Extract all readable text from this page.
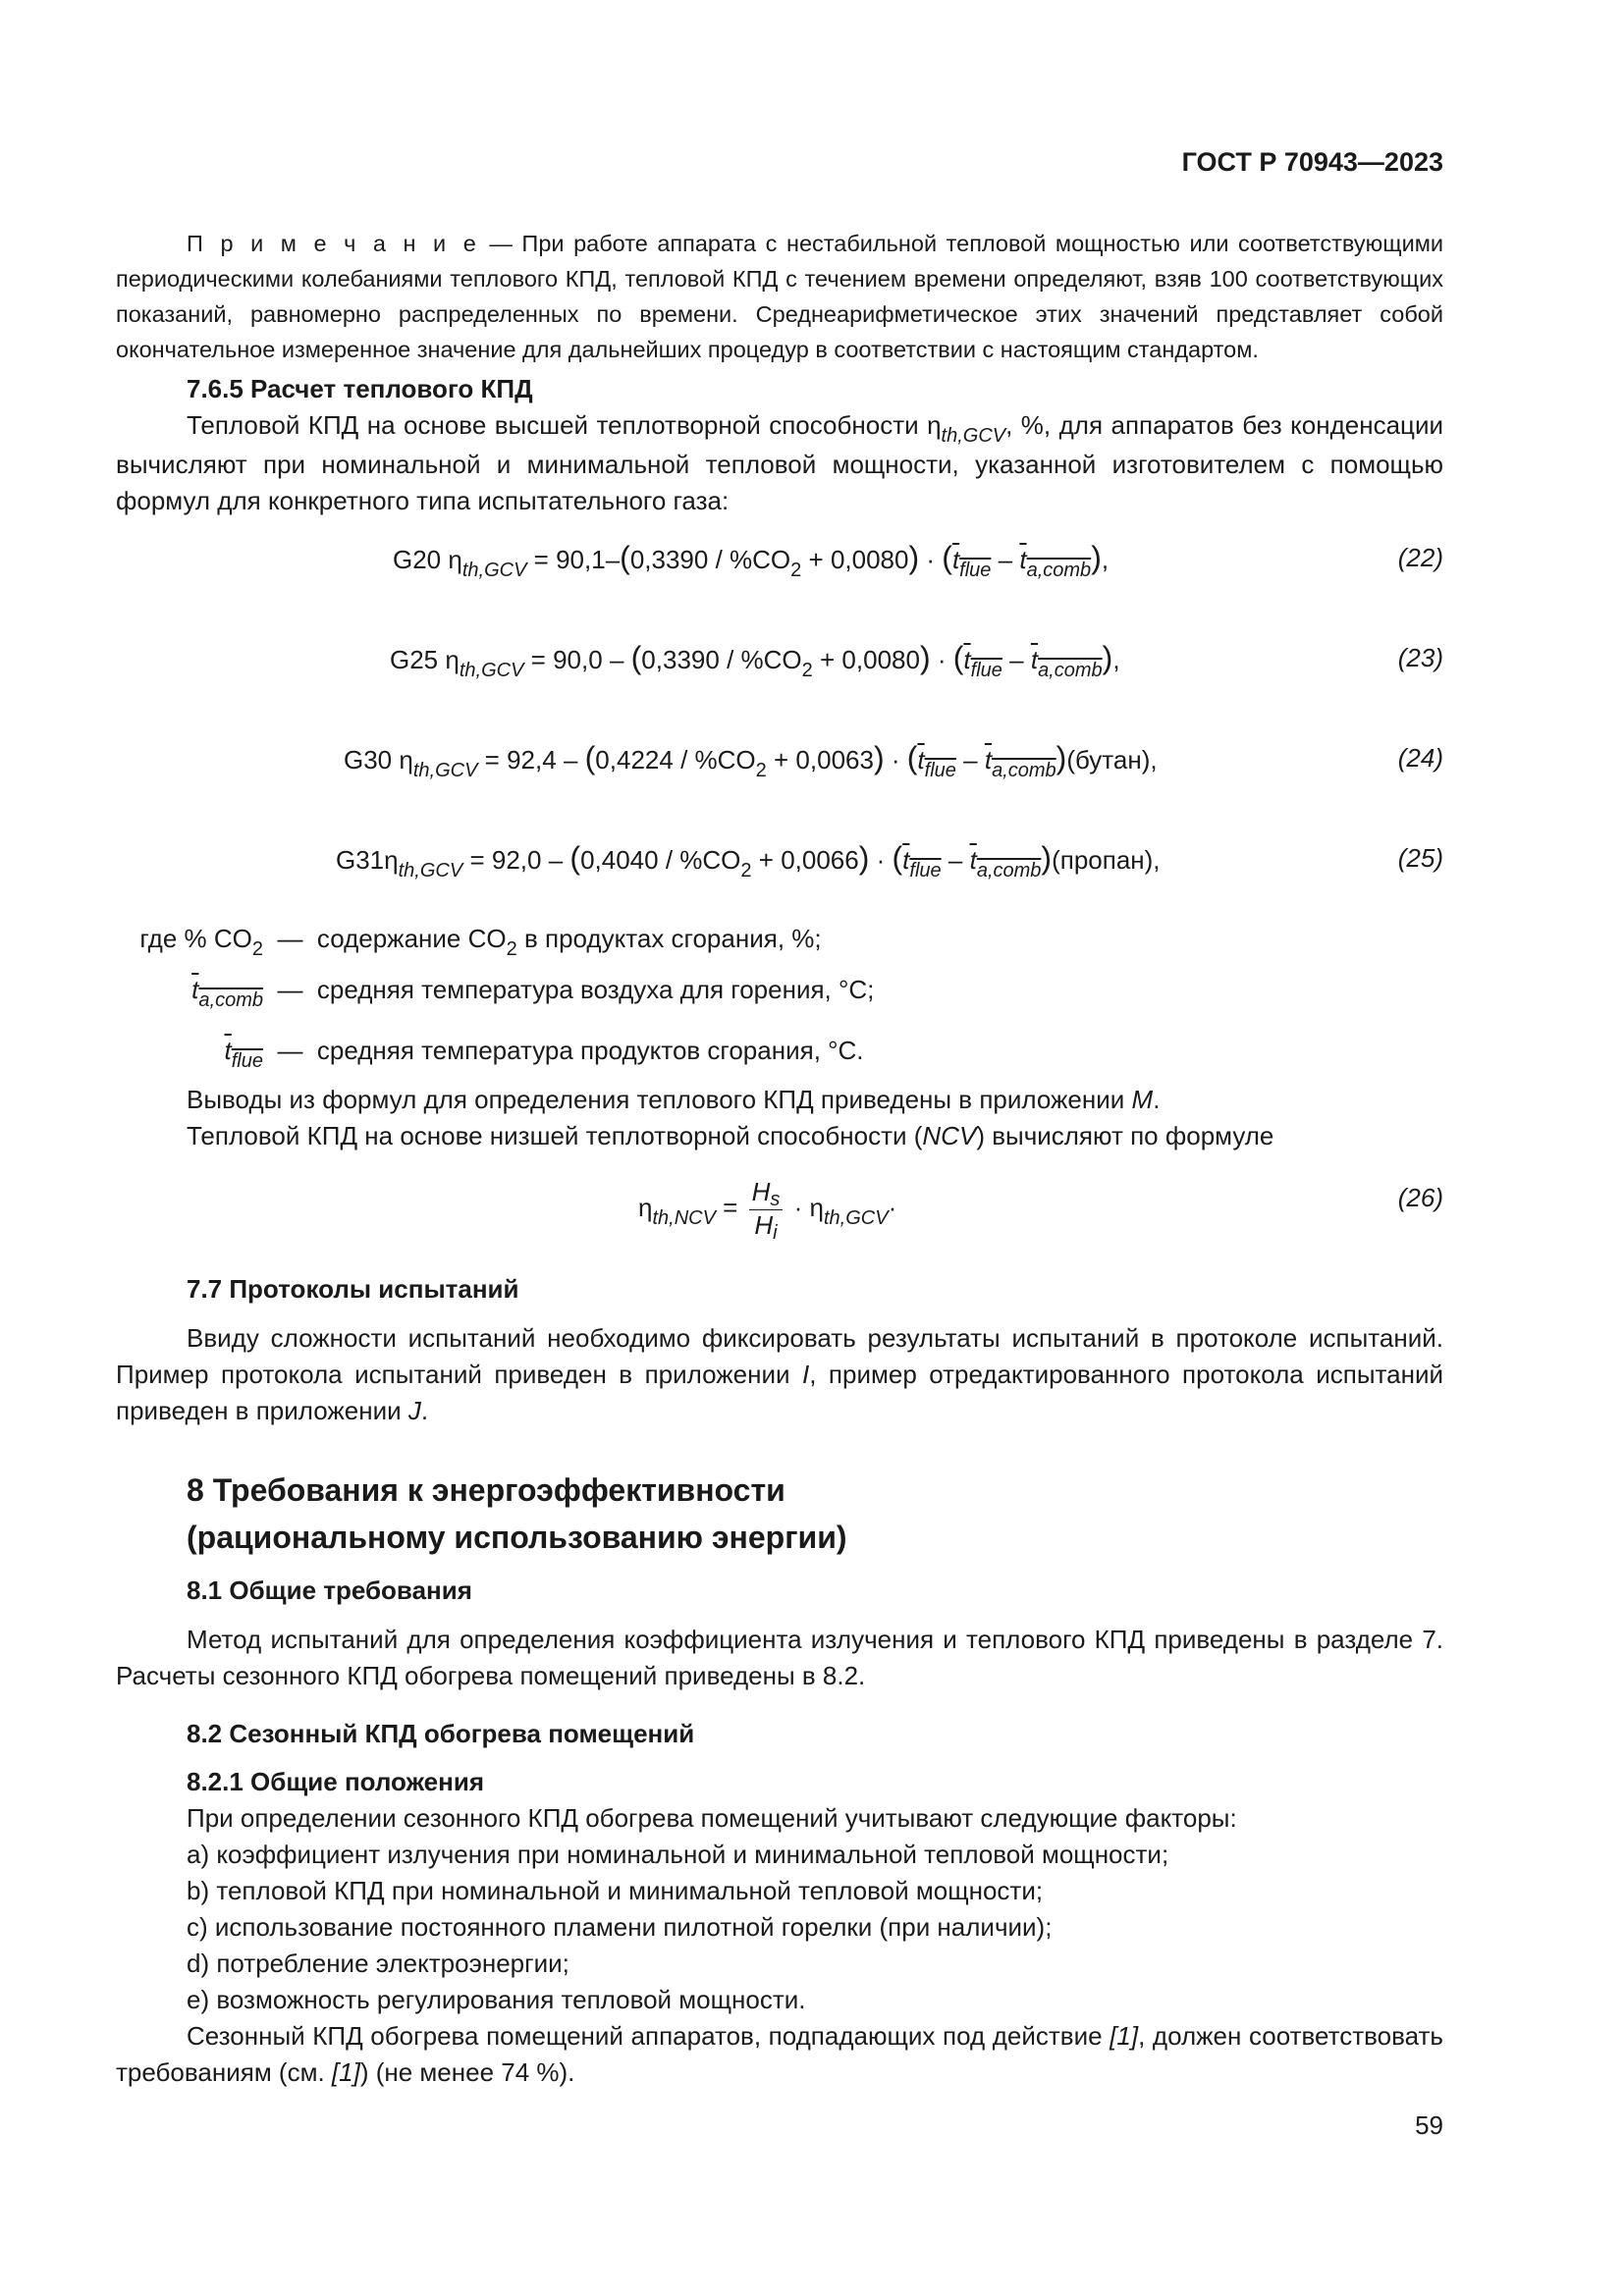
ГОСТ Р 70943—2023
П р и м е ч а н и е — При работе аппарата с нестабильной тепловой мощностью или соответствующими периодическими колебаниями теплового КПД, тепловой КПД с течением времени определяют, взяв 100 соответствующих показаний, равномерно распределенных по времени. Среднеарифметическое этих значений представляет собой окончательное измеренное значение для дальнейших процедур в соответствии с настоящим стандартом.
7.6.5 Расчет теплового КПД
Тепловой КПД на основе высшей теплотворной способности $\eta_{th,GCV}$, %, для аппаратов без конденсации вычисляют при номинальной и минимальной тепловой мощности, указанной изготовителем с помощью формул для конкретного типа испытательного газа:
G20 $\eta_{th,GCV} = 90,1-(0,3390 / \%CO_2 + 0,0080) \cdot (t_{flue} - t_{a,comb})$,	(22)
G25 $\eta_{th,GCV} = 90,0 - (0,3390 / \%CO_2 + 0,0080) \cdot (t_{flue} - t_{a,comb})$,	(23)
G30 $\eta_{th,GCV} = 92,4 - (0,4224 / \%CO_2 + 0,0063) \cdot (t_{flue}$ – $t_{a,comb})(бутан)$,	(24)
$G31\eta_{th,GCV} = 92,0 - (0,4040 / \%CO_2 + 0,0066) \cdot (t_{flue}$ – $t_{a,comb})(пропан)$,	(25)
где % $CO_2$ — содержание $CO_2$ в продуктах сгорания, %;
$t_{a,comb}$ — средняя температура воздуха для горения, °С;
$t_{flue}$ — средняя температура продуктов сгорания, °С.
Выводы из формул для определения теплового КПД приведены в приложении М.
Тепловой КПД на основе низшей теплотворной способности (NCV) вычисляют по формуле
$\eta_{th,NCV} = \frac{Hs}{Hi} \cdot \eta_{th,GCV}\cdot$	(26)
7.7 Протоколы испытаний
Ввиду сложности испытаний необходимо фиксировать результаты испытаний в протоколе испытаний. Пример протокола испытаний приведен в приложении I, пример отредактированного протокола испытаний приведен в приложении J.
8 Требования к энергоэффективности
(рациональному использованию энергии)
8.1 Общие требования
Метод испытаний для определения коэффициента излучения и теплового КПД приведены в разделе 7. Расчеты сезонного КПД обогрева помещений приведены в 8.2.
8.2 Сезонный КПД обогрева помещений
8.2.1 Общие положения
При определении сезонного КПД обогрева помещений учитывают следующие факторы:
a) коэффициент излучения при номинальной и минимальной тепловой мощности;
b) тепловой КПД при номинальной и минимальной тепловой мощности;
c) использование постоянного пламени пилотной горелки (при наличии);
d) потребление электроэнергии;
e) возможность регулирования тепловой мощности.
Сезонный КПД обогрева помещений аппаратов, подпадающих под действие [1], должен соответствовать требованиям (см. [1]) (не менее 74 %).
59
